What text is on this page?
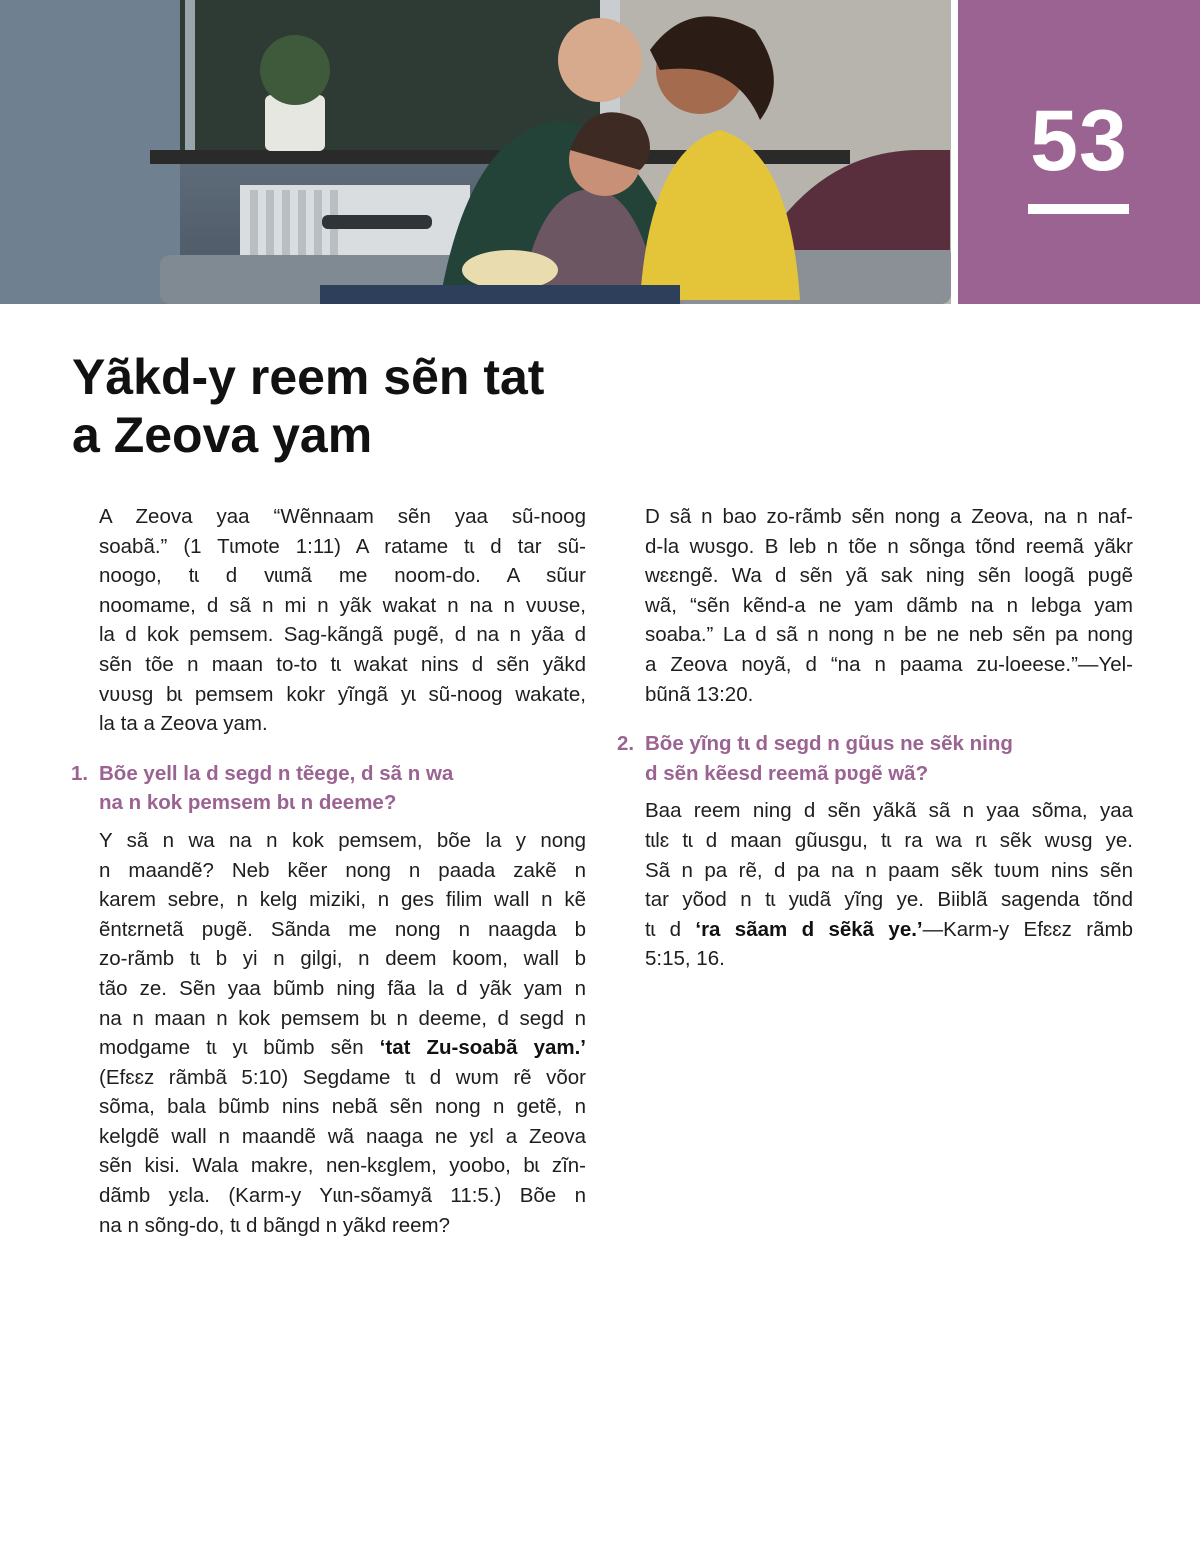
53
Yãkd-y reem sẽn tat
a Zeova yam

A Zeova yaa “Wẽnnaam sẽn yaa sũ-noog
soabã.” (1 Tɩmote 1:11) A ratame tɩ d tar sũ-
noogo, tɩ d vɩɩmã me noom-do. A sũur
noomame, d sã n mi n yãk wakat n na n vʋʋse,
la d kok pemsem. Sag-kãngã pʋgẽ, d na n yãa d
sẽn tõe n maan to-to tɩ wakat nins d sẽn yãkd
vʋʋsg bɩ pemsem kokr yĩngã yɩ sũ-noog wakate,
la ta a Zeova yam.

1. Bõe yell la d segd n tẽege, d sã n wa
na n kok pemsem bɩ n deeme?

Y sã n wa na n kok pemsem, bõe la y nong
n maandẽ? Neb kẽer nong n paada zakẽ n
karem sebre, n kelg miziki, n ges filim wall n kẽ
ẽntɛrnetã pʋgẽ. Sãnda me nong n naagda b
zo-rãmb tɩ b yi n gilgi, n deem koom, wall b
tão ze. Sẽn yaa bũmb ning fãa la d yãk yam n
na n maan n kok pemsem bɩ n deeme, d segd n
modgame tɩ yɩ bũmb sẽn ‘tat Zu-soabã yam.’
(Efɛɛz rãmbã 5:10) Segdame tɩ d wʋm rẽ võor
sõma, bala bũmb nins nebã sẽn nong n getẽ, n
kelgdẽ wall n maandẽ wã naaga ne yɛl a Zeova
sẽn kisi. Wala makre, nen-kɛglem, yoobo, bɩ zĩn-
dãmb yɛla. (Karm-y Yɩɩn-sõamyã 11:5.) Bõe n
na n sõng-do, tɩ d bãngd n yãkd reem?

D sã n bao zo-rãmb sẽn nong a Zeova, na n naf-
d-la wʋsgo. B leb n tõe n sõnga tõnd reemã yãkr
wɛɛngẽ. Wa d sẽn yã sak ning sẽn loogã pʋgẽ
wã, “sẽn kẽnd-a ne yam dãmb na n lebga yam
soaba.” La d sã n nong n be ne neb sẽn pa nong
a Zeova noyã, d “na n paama zu-loeese.”—Yel-
bũnã 13:20.

2. Bõe yĩng tɩ d segd n gũus ne sẽk ning
d sẽn kẽesd reemã pʋgẽ wã?

Baa reem ning d sẽn yãkã sã n yaa sõma, yaa
tɩlɛ tɩ d maan gũusgu, tɩ ra wa rɩ sẽk wʋsg ye.
Sã n pa rẽ, d pa na n paam sẽk tʋʋm nins sẽn
tar yõod n tɩ yɩɩdã yĩng ye. Biiblã sagenda tõnd
tɩ d ‘ra sãam d sẽkã ye.’—Karm-y Efɛɛz rãmb
5:15, 16.
